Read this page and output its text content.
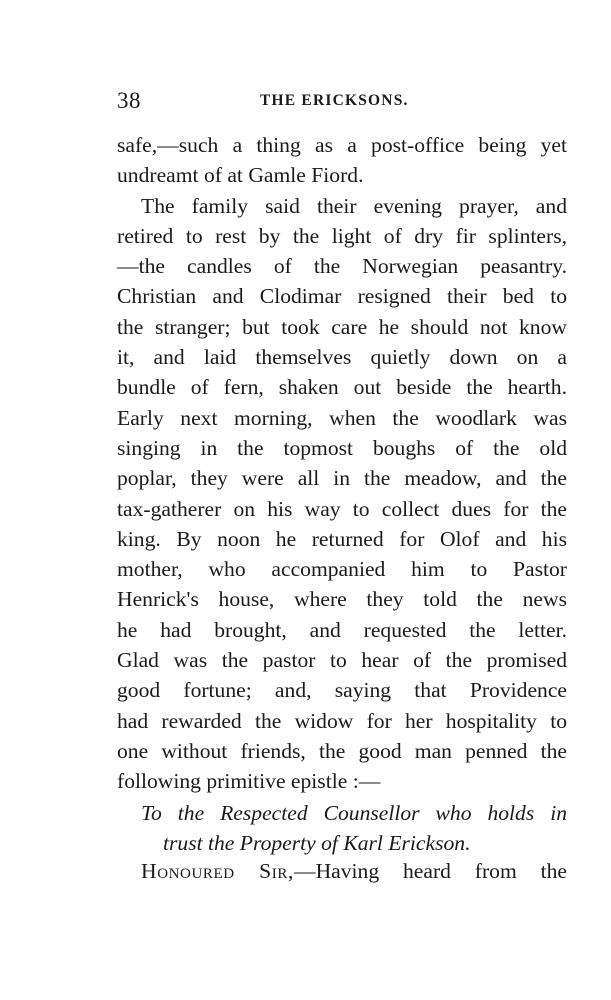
38	THE ERICKSONS.
safe,—such a thing as a post-office being yet
undreamt of at Gamle Fiord.
The family said their evening prayer, and
retired to rest by the light of dry fir splinters,
—the candles of the Norwegian peasantry.
Christian and Clodimar resigned their bed to
the stranger; but took care he should not know
it, and laid themselves quietly down on a
bundle of fern, shaken out beside the hearth.
Early next morning, when the woodlark was
singing in the topmost boughs of the old
poplar, they were all in the meadow, and the
tax-gatherer on his way to collect dues for the
king. By noon he returned for Olof and his
mother, who accompanied him to Pastor
Henrick's house, where they told the news
he had brought, and requested the letter.
Glad was the pastor to hear of the promised
good fortune; and, saying that Providence
had rewarded the widow for her hospitality to
one without friends, the good man penned the
following primitive epistle :—
To the Respected Counsellor who holds in
trust the Property of Karl Erickson.
Honoured Sir,—Having heard from the
